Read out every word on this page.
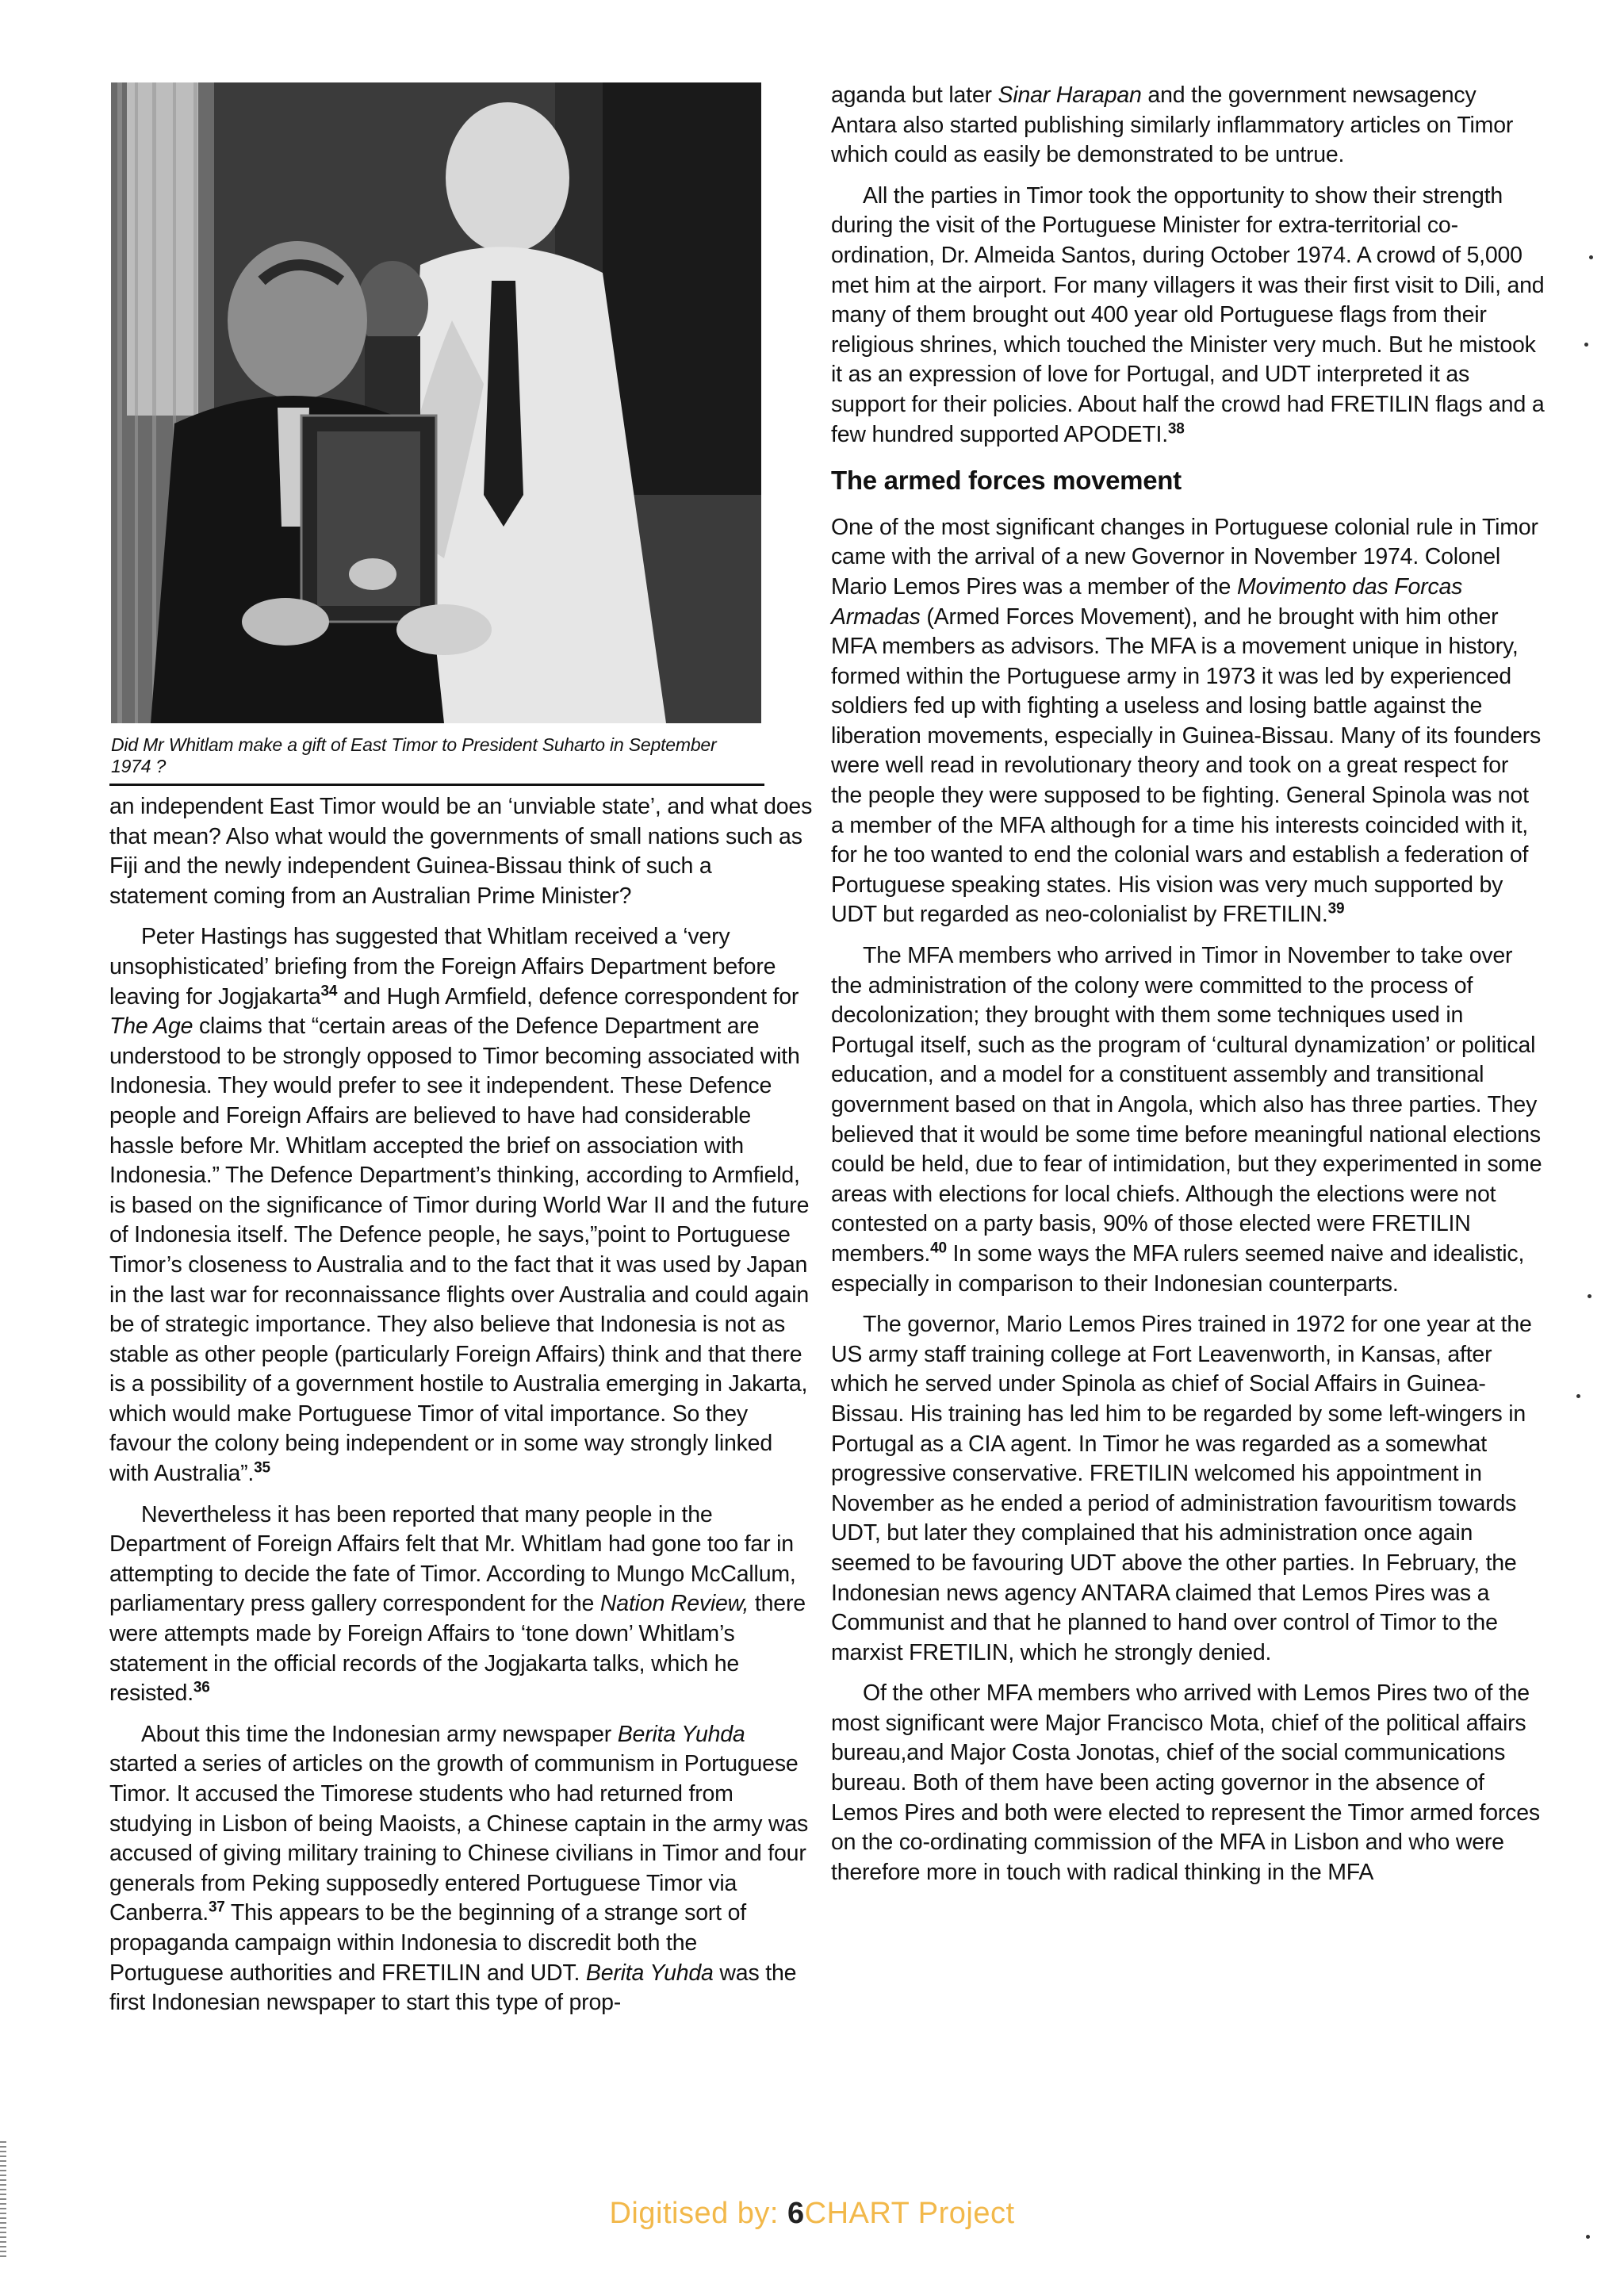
Did Mr Whitlam make a gift of East Timor to President Suharto in September 1974 ?

an independent East Timor would be an ‘unviable state’, and what does that mean? Also what would the governments of small nations such as Fiji and the newly independent Guinea-Bissau think of such a statement coming from an Australian Prime Minister?

Peter Hastings has suggested that Whitlam received a ‘very unsophisticated’ briefing from the Foreign Affairs Department before leaving for Jogjakarta$^{34}$ and Hugh Armfield, defence correspondent for The Age claims that “certain areas of the Defence Department are understood to be strongly opposed to Timor becoming associated with Indonesia. They would prefer to see it independent. These Defence people and Foreign Affairs are believed to have had considerable hassle before Mr. Whitlam accepted the brief on association with Indonesia.” The Defence Department’s thinking, according to Armfield, is based on the significance of Timor during World War II and the future of Indonesia itself. The Defence people, he says,”point to Portuguese Timor’s closeness to Australia and to the fact that it was used by Japan in the last war for reconnaissance flights over Australia and could again be of strategic importance. They also believe that Indonesia is not as stable as other people (particularly Foreign Affairs) think and that there is a possibility of a government hostile to Australia emerging in Jakarta, which would make Portuguese Timor of vital importance. So they favour the colony being independent or in some way strongly linked with Australia”.$^{35}$

Nevertheless it has been reported that many people in the Department of Foreign Affairs felt that Mr. Whitlam had gone too far in attempting to decide the fate of Timor. According to Mungo McCallum, parliamentary press gallery correspondent for the Nation Review, there were attempts made by Foreign Affairs to ‘tone down’ Whitlam’s statement in the official records of the Jogjakarta talks, which he resisted.$^{36}$

About this time the Indonesian army newspaper Berita Yuhda started a series of articles on the growth of communism in Portuguese Timor. It accused the Timorese students who had returned from studying in Lisbon of being Maoists, a Chinese captain in the army was accused of giving military training to Chinese civilians in Timor and four generals from Peking supposedly entered Portuguese Timor via Canberra.$^{37}$ This appears to be the beginning of a strange sort of propaganda campaign within Indonesia to discredit both the Portuguese authorities and FRETILIN and UDT. Berita Yuhda was the first Indonesian newspaper to start this type of prop-

aganda but later Sinar Harapan and the government newsagency Antara also started publishing similarly inflammatory articles on Timor which could as easily be demonstrated to be untrue.

All the parties in Timor took the opportunity to show their strength during the visit of the Portuguese Minister for extra-territorial co-ordination, Dr. Almeida Santos, during October 1974. A crowd of 5,000 met him at the airport. For many villagers it was their first visit to Dili, and many of them brought out 400 year old Portuguese flags from their religious shrines, which touched the Minister very much. But he mistook it as an expression of love for Portugal, and UDT interpreted it as support for their policies. About half the crowd had FRETILIN flags and a few hundred supported APODETI.$^{38}$

The armed forces movement

One of the most significant changes in Portuguese colonial rule in Timor came with the arrival of a new Governor in November 1974. Colonel Mario Lemos Pires was a member of the Movimento das Forcas Armadas (Armed Forces Movement), and he brought with him other MFA members as advisors. The MFA is a movement unique in history, formed within the Portuguese army in 1973 it was led by experienced soldiers fed up with fighting a useless and losing battle against the liberation movements, especially in Guinea-Bissau. Many of its founders were well read in revolutionary theory and took on a great respect for the people they were supposed to be fighting. General Spinola was not a member of the MFA although for a time his interests coincided with it, for he too wanted to end the colonial wars and establish a federation of Portuguese speaking states. His vision was very much supported by UDT but regarded as neo-colonialist by FRETILIN.$^{39}$

The MFA members who arrived in Timor in November to take over the administration of the colony were committed to the process of decolonization; they brought with them some techniques used in Portugal itself, such as the program of ‘cultural dynamization’ or political education, and a model for a constituent assembly and transitional government based on that in Angola, which also has three parties. They believed that it would be some time before meaningful national elections could be held, due to fear of intimidation, but they experimented in some areas with elections for local chiefs. Although the elections were not contested on a party basis, 90% of those elected were FRETILIN members.$^{40}$ In some ways the MFA rulers seemed naive and idealistic, especially in comparison to their Indonesian counterparts.

The governor, Mario Lemos Pires trained in 1972 for one year at the US army staff training college at Fort Leavenworth, in Kansas, after which he served under Spinola as chief of Social Affairs in Guinea-Bissau. His training has led him to be regarded by some left-wingers in Portugal as a CIA agent. In Timor he was regarded as a somewhat progressive conservative. FRETILIN welcomed his appointment in November as he ended a period of administration favouritism towards UDT, but later they complained that his administration once again seemed to be favouring UDT above the other parties. In February, the Indonesian news agency ANTARA claimed that Lemos Pires was a Communist and that he planned to hand over control of Timor to the marxist FRETILIN, which he strongly denied.

Of the other MFA members who arrived with Lemos Pires two of the most significant were Major Francisco Mota, chief of the political affairs bureau,and Major Costa Jonotas, chief of the social communications bureau. Both of them have been acting governor in the absence of Lemos Pires and both were elected to represent the Timor armed forces on the co-ordinating commission of the MFA in Lisbon and who were therefore more in touch with radical thinking in the MFA

Digitised by: 6CHART Project
